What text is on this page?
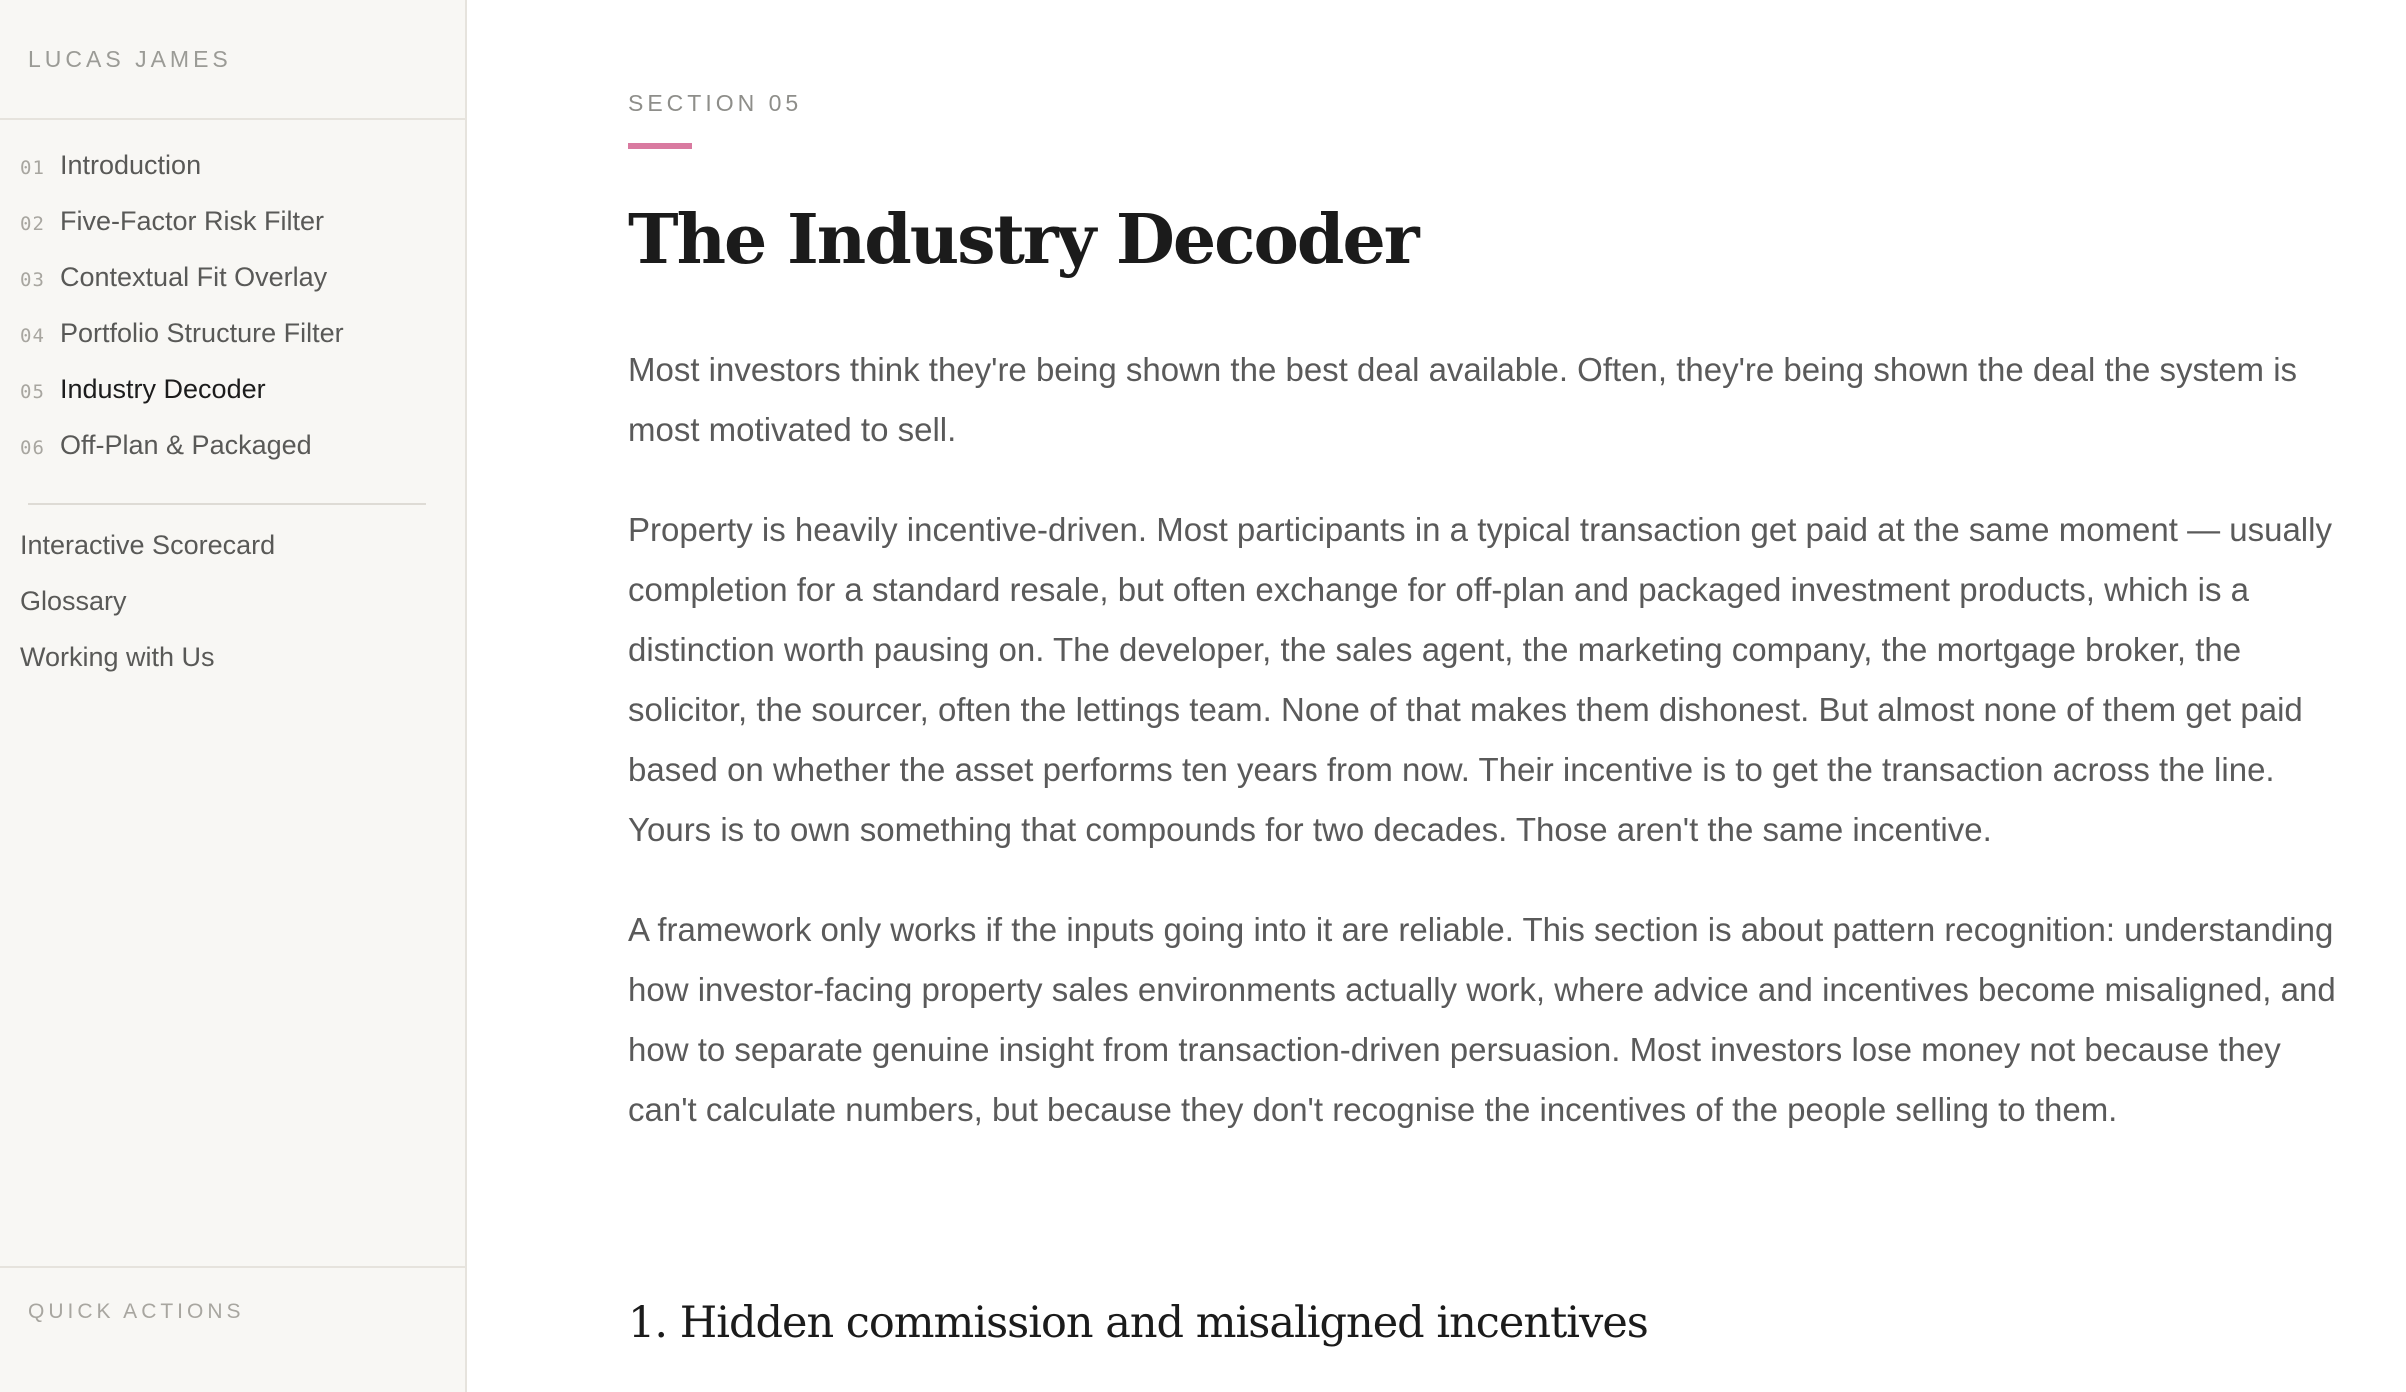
LUCAS JAMES
01 Introduction
02 Five-Factor Risk Filter
03 Contextual Fit Overlay
04 Portfolio Structure Filter
05 Industry Decoder
06 Off-Plan & Packaged
Interactive Scorecard
Glossary
Working with Us
QUICK ACTIONS
SECTION 05
The Industry Decoder

Most investors think they're being shown the best deal available. Often, they're being shown the deal the system is most motivated to sell.

Property is heavily incentive-driven. Most participants in a typical transaction get paid at the same moment — usually completion for a standard resale, but often exchange for off-plan and packaged investment products, which is a distinction worth pausing on. The developer, the sales agent, the marketing company, the mortgage broker, the solicitor, the sourcer, often the lettings team. None of that makes them dishonest. But almost none of them get paid based on whether the asset performs ten years from now. Their incentive is to get the transaction across the line. Yours is to own something that compounds for two decades. Those aren't the same incentive.

A framework only works if the inputs going into it are reliable. This section is about pattern recognition: understanding how investor-facing property sales environments actually work, where advice and incentives become misaligned, and how to separate genuine insight from transaction-driven persuasion. Most investors lose money not because they can't calculate numbers, but because they don't recognise the incentives of the people selling to them.

1. Hidden commission and misaligned incentives
